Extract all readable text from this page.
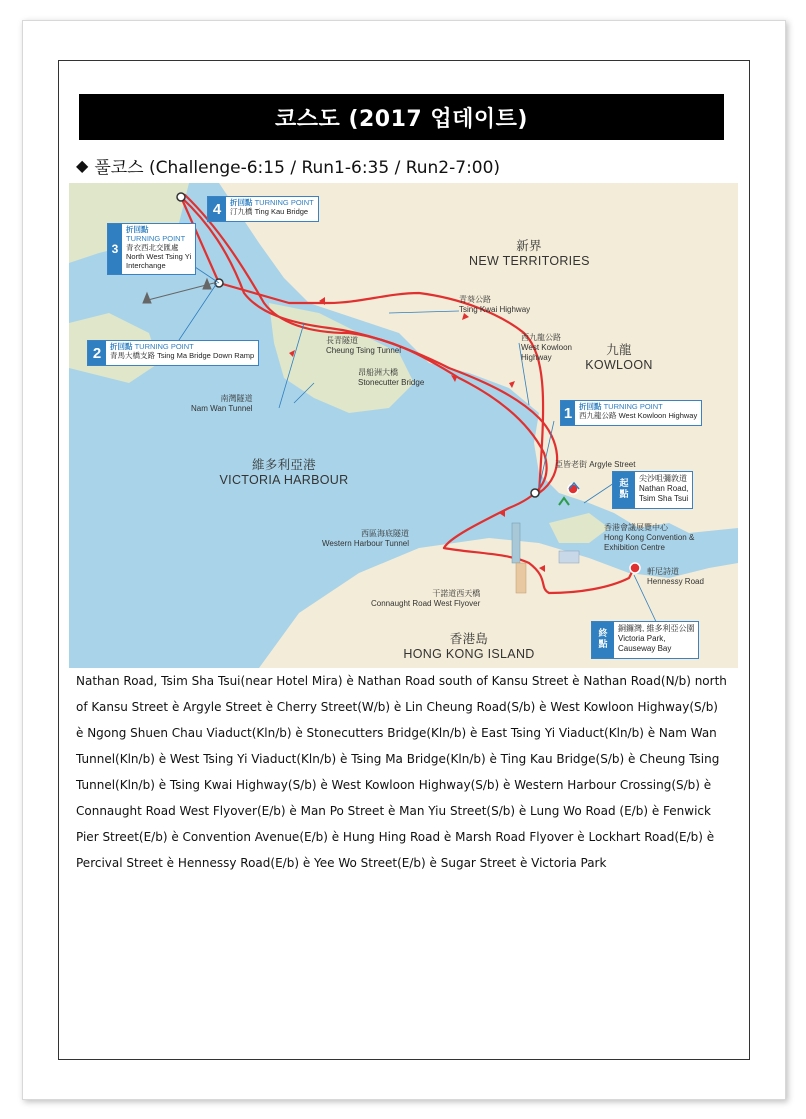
코스도 (2017 업데이트)
◆ 풀코스 (Challenge-6:15 / Run1-6:35 / Run2-7:00)
新界
NEW TERRITORIES
九龍
KOWLOON
維多利亞港
VICTORIA HARBOUR
香港島
HONG KONG ISLAND
青葵公路
Tsing Kwai Highway
長青隧道
Cheung Tsing Tunnel
西九龍公路
West Kowloon
Highway
昂船洲大橋
Stonecutter Bridge
南灣隧道
Nam Wan Tunnel
亞皆老街 Argyle Street
西區海底隧道
Western Harbour Tunnel
香港會議展覽中心
Hong Kong Convention &
Exhibition Centre
軒尼詩道
Hennessy Road
干諾道西天橋
Connaught Road West Flyover
4	折回點 TURNING POINT
汀九橋 Ting Kau Bridge
3
折回點
TURNING POINT
青衣西北交匯處
North West Tsing Yi
Interchange
2	折回點 TURNING POINT
青馬大橋支路 Tsing Ma Bridge Down Ramp
1 折回點 TURNING POINT
西九龍公路 West Kowloon Highway
起
點
尖沙咀彌敦道
Nathan Road,
Tsim Sha Tsui
終
點
銅鑼灣, 維多利亞公園
Victoria Park,
Causeway Bay
Nathan Road, Tsim Sha Tsui(near Hotel Mira) è Nathan Road south of Kansu Street è Nathan Road(N/b) north of Kansu Street è Argyle Street è Cherry Street(W/b) è Lin Cheung Road(S/b) è West Kowloon Highway(S/b) è Ngong Shuen Chau Viaduct(Kln/b) è Stonecutters Bridge(Kln/b) è East Tsing Yi Viaduct(Kln/b) è Nam Wan Tunnel(Kln/b) è West Tsing Yi Viaduct(Kln/b) è Tsing Ma Bridge(Kln/b) è Ting Kau Bridge(S/b) è Cheung Tsing Tunnel(Kln/b) è Tsing Kwai Highway(S/b) è West Kowloon Highway(S/b) è Western Harbour Crossing(S/b) è Connaught Road West Flyover(E/b) è Man Po Street è Man Yiu Street(S/b) è Lung Wo Road (E/b) è Fenwick Pier Street(E/b) è Convention Avenue(E/b) è Hung Hing Road è Marsh Road Flyover è Lockhart Road(E/b) è Percival Street è Hennessy Road(E/b) è Yee Wo Street(E/b) è Sugar Street è Victoria Park
